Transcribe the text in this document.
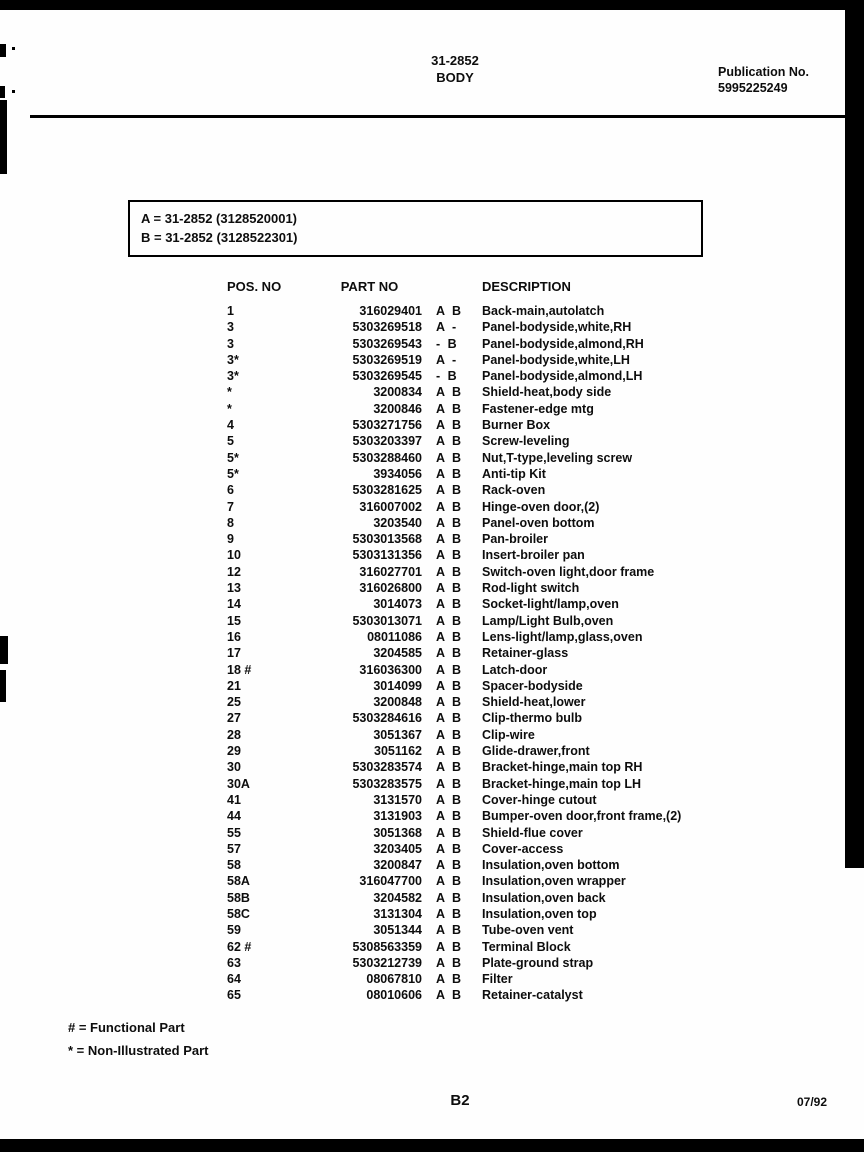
31-2852
BODY	Publication No.
5995225249
A = 31-2852 (3128520001)
B = 31-2852 (3128522301)
POS. NO	PART NO	DESCRIPTION
1	316029401 A B	Back-main,autolatch
3	5303269518 A -	Panel-bodyside,white,RH
3	5303269543 - B	Panel-bodyside,almond,RH
3*	5303269519 A -	Panel-bodyside,white,LH
3*	5303269545 - B	Panel-bodyside,almond,LH
*	3200834 A B	Shield-heat,body side
*	3200846 A B	Fastener-edge mtg
4	5303271756 A B	Burner Box
5	5303203397 A B	Screw-leveling
5*	5303288460 A B	Nut,T-type,leveling screw
5*	3934056 A B	Anti-tip Kit
6	5303281625 A B	Rack-oven
7	316007002 A B	Hinge-oven door,(2)
8	3203540 A B	Panel-oven bottom
9	5303013568 A B	Pan-broiler
10	5303131356 A B	Insert-broiler pan
12	316027701 A B	Switch-oven light,door frame
13	316026800 A B	Rod-light switch
14	3014073 A B	Socket-light/lamp,oven
15	5303013071 A B	Lamp/Light Bulb,oven
16	08011086 A B	Lens-light/lamp,glass,oven
17	3204585 A B	Retainer-glass
18 #	316036300 A B	Latch-door
21	3014099 A B	Spacer-bodyside
25	3200848 A B	Shield-heat,lower
27	5303284616 A B	Clip-thermo bulb
28	3051367 A B	Clip-wire
29	3051162 A B	Glide-drawer,front
30	5303283574 A B	Bracket-hinge,main top RH
30A	5303283575 A B	Bracket-hinge,main top LH
41	3131570 A B	Cover-hinge cutout
44	3131903 A B	Bumper-oven door,front frame,(2)
55	3051368 A B	Shield-flue cover
57	3203405 A B	Cover-access
58	3200847 A B	Insulation,oven bottom
58A	316047700 A B	Insulation,oven wrapper
58B	3204582 A B	Insulation,oven back
58C	3131304 A B	Insulation,oven top
59	3051344 A B	Tube-oven vent
62 #	5308563359 A B	Terminal Block
63	5303212739 A B	Plate-ground strap
64	08067810 A B	Filter
65	08010606 A B	Retainer-catalyst
# = Functional Part
* = Non-Illustrated Part
B2	07/92
